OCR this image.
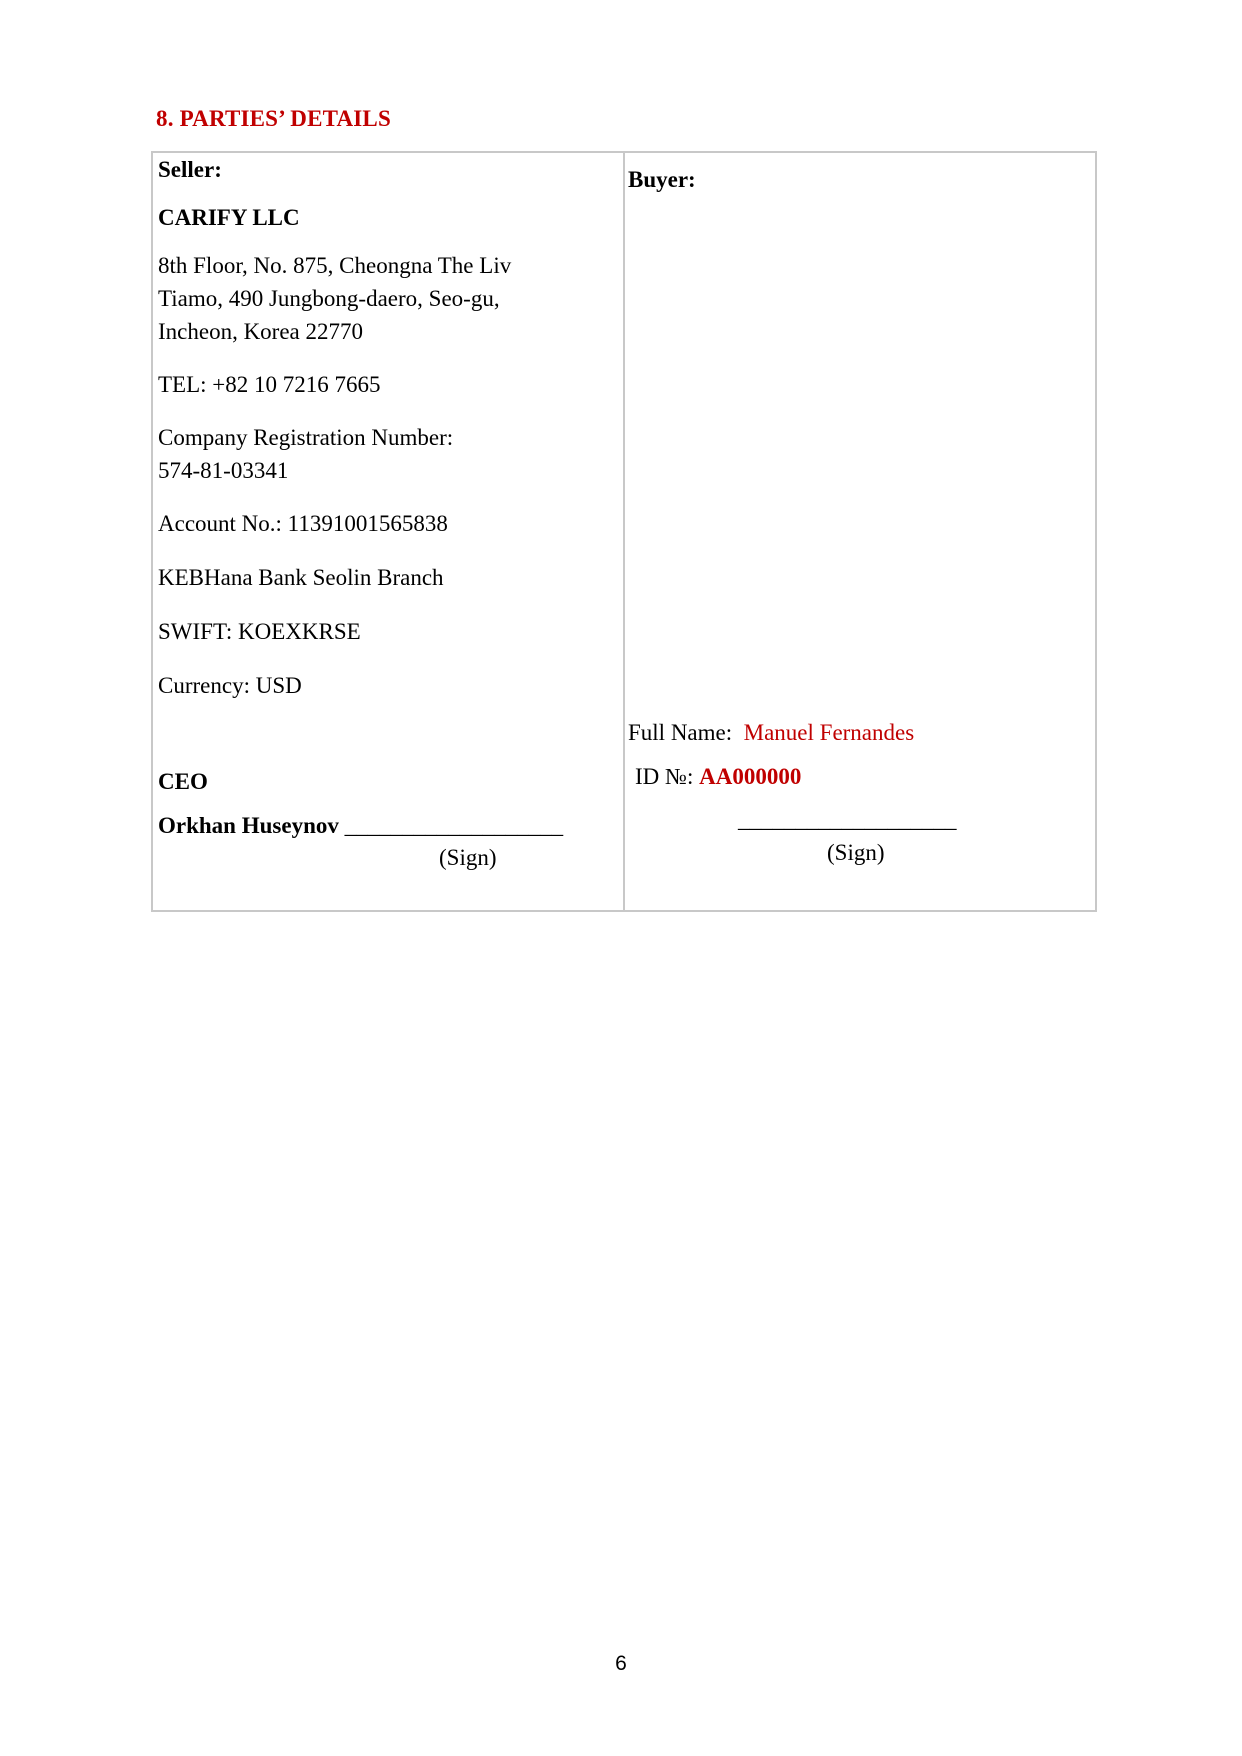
8. PARTIES’ DETAILS
Seller:
CARIFY LLC
8th Floor, No. 875, Cheongna The Liv
Tiamo, 490 Jungbong-daero, Seo-gu,
Incheon, Korea 22770
TEL: +82 10 7216 7665
Company Registration Number:
574-81-03341
Account No.: 11391001565838
KEBHana Bank Seolin Branch
SWIFT: KOEXKRSE
Currency: USD
CEO
Orkhan Huseynov ___________________
(Sign)
Buyer:
Full Name: Manuel Fernandes
ID №: AA000000
___________________
(Sign)
6
